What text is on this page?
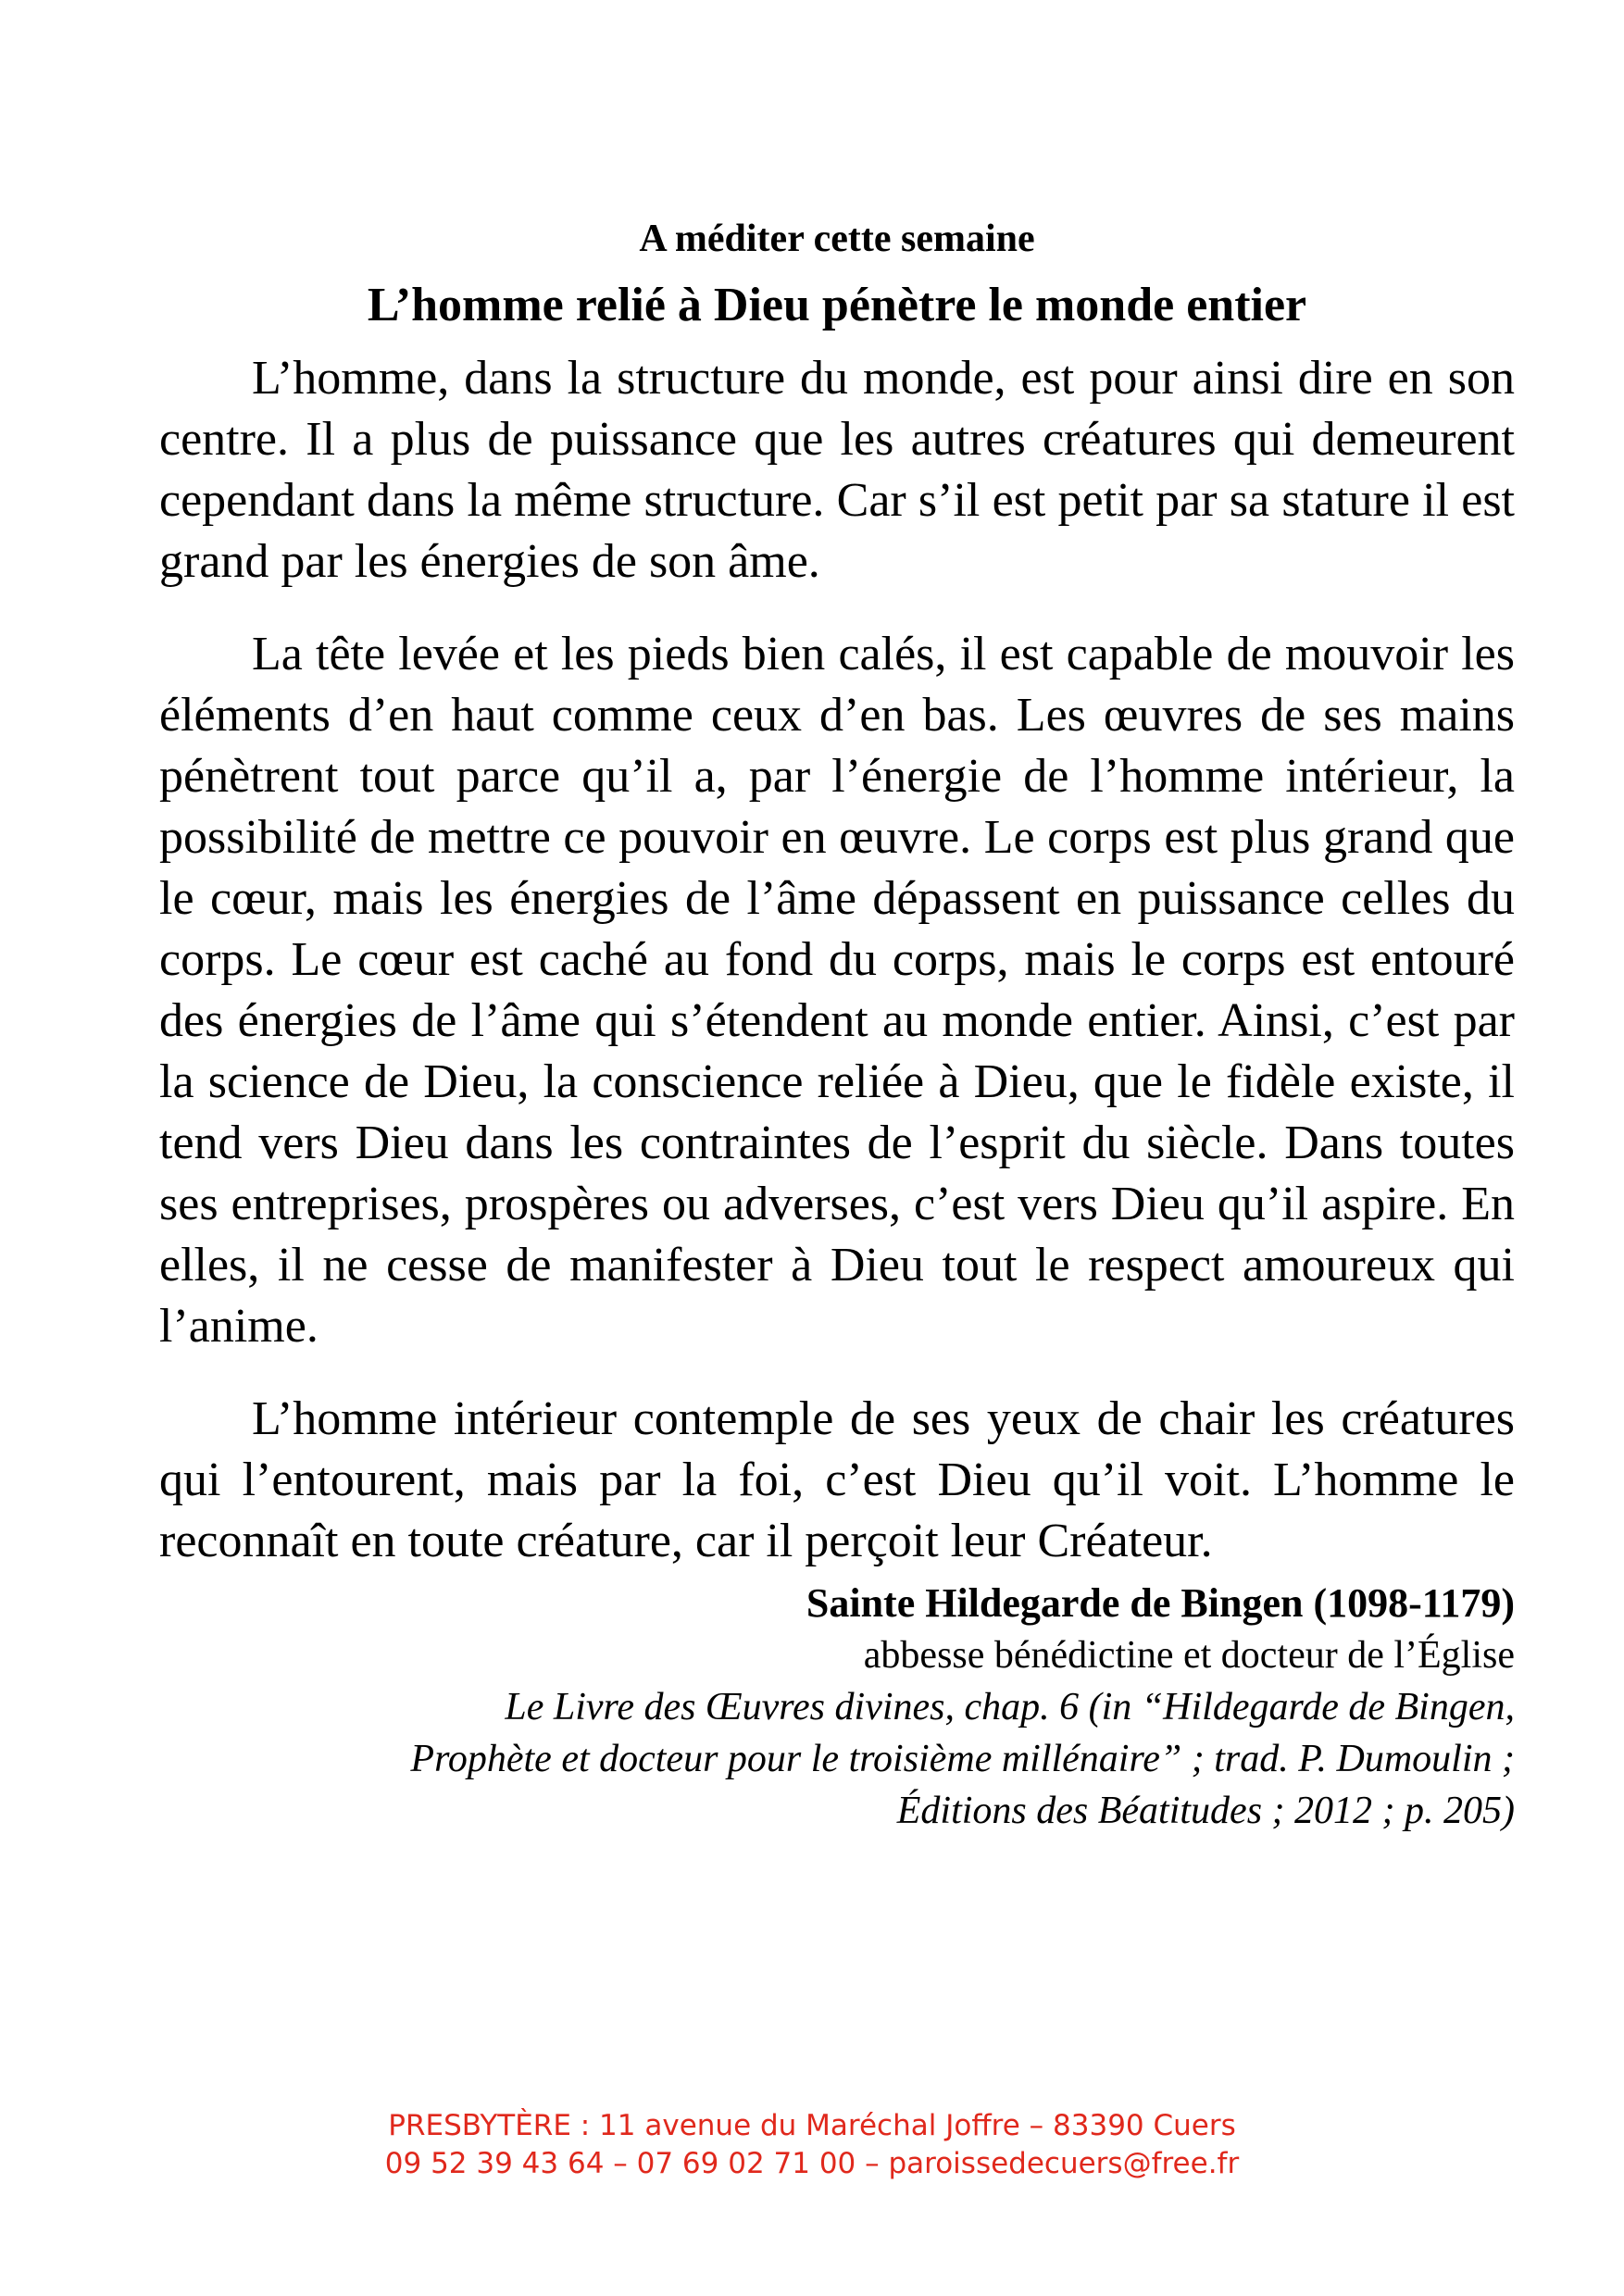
A méditer cette semaine

L’homme relié à Dieu pénètre le monde entier

L’homme, dans la structure du monde, est pour ainsi dire en son centre. Il a plus de puissance que les autres créatures qui demeurent cependant dans la même structure. Car s’il est petit par sa stature il est grand par les énergies de son âme.

La tête levée et les pieds bien calés, il est capable de mouvoir les éléments d’en haut comme ceux d’en bas. Les œuvres de ses mains pénètrent tout parce qu’il a, par l’énergie de l’homme intérieur, la possibilité de mettre ce pouvoir en œuvre. Le corps est plus grand que le cœur, mais les énergies de l’âme dépassent en puissance celles du corps. Le cœur est caché au fond du corps, mais le corps est entouré des énergies de l’âme qui s’étendent au monde entier. Ainsi, c’est par la science de Dieu, la conscience reliée à Dieu, que le fidèle existe, il tend vers Dieu dans les contraintes de l’esprit du siècle. Dans toutes ses entreprises, prospères ou adverses, c’est vers Dieu qu’il aspire. En elles, il ne cesse de manifester à Dieu tout le respect amoureux qui l’anime.

L’homme intérieur contemple de ses yeux de chair les créatures qui l’entourent, mais par la foi, c’est Dieu qu’il voit. L’homme le reconnaît en toute créature, car il perçoit leur Créateur.

Sainte Hildegarde de Bingen (1098-1179)

abbesse bénédictine et docteur de l’Église

Le Livre des Œuvres divines, chap. 6 (in “Hildegarde de Bingen,

Prophète et docteur pour le troisième millénaire” ; trad. P. Dumoulin ;

Éditions des Béatitudes ; 2012 ; p. 205)

PRESBYTÈRE : 11 avenue du Maréchal Joffre – 83390 Cuers
09 52 39 43 64 – 07 69 02 71 00 – paroissedecuers@free.fr
